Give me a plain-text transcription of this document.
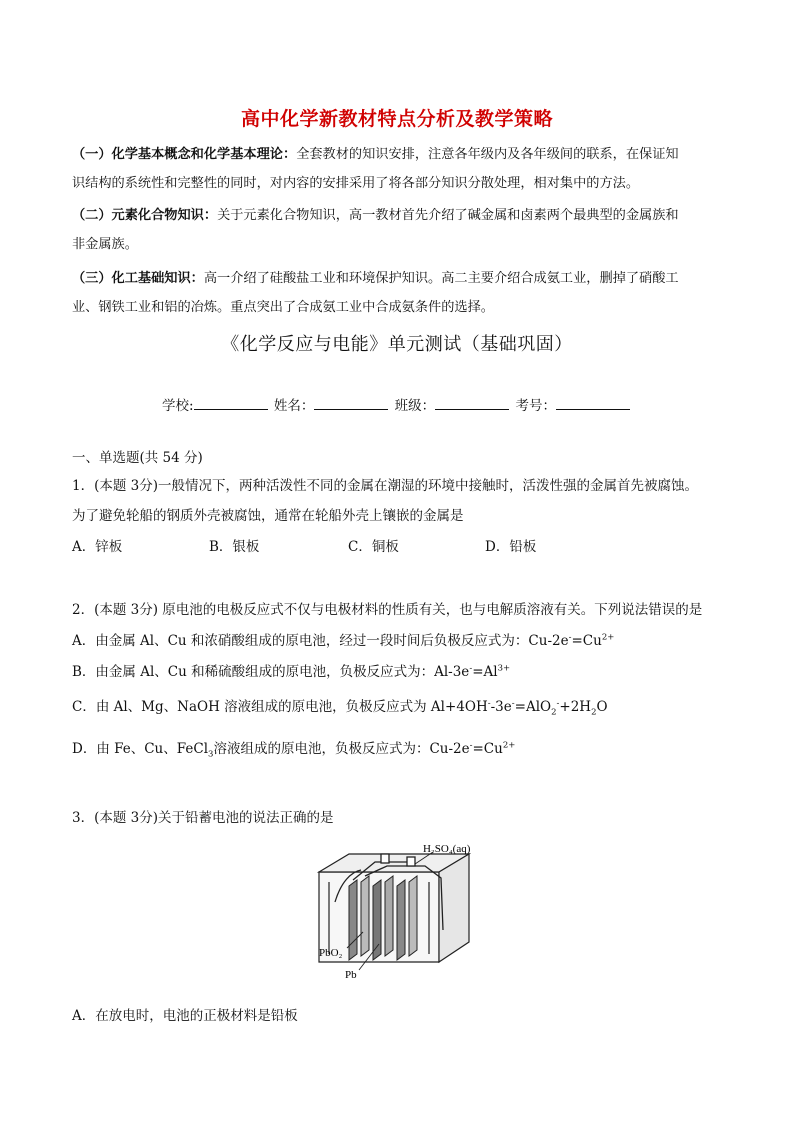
高中化学新教材特点分析及教学策略
（一）化学基本概念和化学基本理论：全套教材的知识安排，注意各年级内及各年级间的联系，在保证知
识结构的系统性和完整性的同时，对内容的安排采用了将各部分知识分散处理，相对集中的方法。
（二）元素化合物知识：关于元素化合物知识，高一教材首先介绍了碱金属和卤素两个最典型的金属族和
非金属族。
（三）化工基础知识：高一介绍了硅酸盐工业和环境保护知识。高二主要介绍合成氨工业，删掉了硝酸工
业、钢铁工业和铝的冶炼。重点突出了合成氨工业中合成氨条件的选择。
《化学反应与电能》单元测试（基础巩固）
学校:	姓名：	班级：	考号：
一、单选题(共 54 分)
1．(本题 3分)一般情况下，两种活泼性不同的金属在潮湿的环境中接触时，活泼性强的金属首先被腐蚀。
为了避免轮船的钢质外壳被腐蚀，通常在轮船外壳上镶嵌的金属是
A．锌板	B．银板	C．铜板	D．铅板
2．(本题 3分) 原电池的电极反应式不仅与电极材料的性质有关，也与电解质溶液有关。下列说法错误的是
A．由金属 Al、Cu 和浓硝酸组成的原电池，经过一段时间后负极反应式为：$Cu-2e^-=Cu^{2+}$
B．由金属 Al、Cu 和稀硫酸组成的原电池，负极反应式为：$Al-3e^-=Al^{3+}$
C．由 Al、Mg、NaOH 溶液组成的原电池，负极反应式为 $Al+4OH^--3e^-=AlO_2^-+2H_2O$
D．由 Fe、Cu、FeCl$_3$溶液组成的原电池，负极反应式为：$Cu-2e^-=Cu^{2+}$
3．(本题 3分)关于铅蓄电池的说法正确的是
H₂SO₄(aq)
PbO₂
Pb
A．在放电时，电池的正极材料是铅板
